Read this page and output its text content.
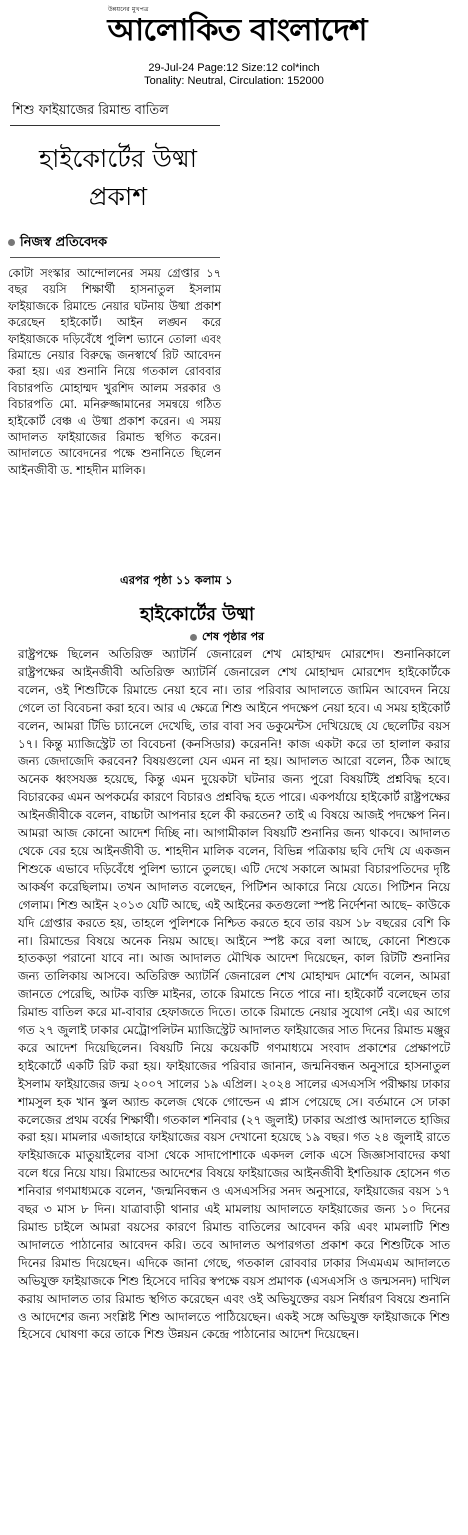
উন্নয়নের মুখপত্র
আলোকিত বাংলাদেশ
29-Jul-24 Page:12 Size:12 col*inch
Tonality: Neutral, Circulation: 152000
শিশু ফাইয়াজের রিমান্ড বাতিল
হাইকোর্টের উষ্মা প্রকাশ
নিজস্ব প্রতিবেদক
কোটা সংস্কার আন্দোলনের সময় গ্রেপ্তার ১৭ বছর বয়সি শিক্ষার্থী হাসনাতুল ইসলাম ফাইয়াজকে রিমান্ডে নেয়ার ঘটনায় উষ্মা প্রকাশ করেছেন হাইকোর্ট। আইন লঙ্ঘন করে ফাইয়াজকে দড়িবেঁধে পুলিশ ভ্যানে তোলা এবং রিমান্ডে নেয়ার বিরুদ্ধে জনস্বার্থে রিট আবেদন করা হয়। এর শুনানি নিয়ে গতকাল রোববার বিচারপতি মোহাম্মদ খুরশিদ আলম সরকার ও বিচারপতি মো. মনিরুজ্জামানের সমন্বয়ে গঠিত হাইকোর্ট বেঞ্চ এ উষ্মা প্রকাশ করেন। এ সময় আদালত ফাইয়াজের রিমান্ড স্থগিত করেন। আদালতে আবেদনের পক্ষে শুনানিতে ছিলেন আইনজীবী ড. শাহদীন মালিক।
এরপর পৃষ্ঠা ১১ কলাম ১
হাইকোর্টের উষ্মা
শেষ পৃষ্ঠার পর
রাষ্ট্রপক্ষে ছিলেন অতিরিক্ত অ্যাটর্নি জেনারেল শেখ মোহাম্মদ মোরশেদ। শুনানিকালে রাষ্ট্রপক্ষের আইনজীবী অতিরিক্ত অ্যাটর্নি জেনারেল শেখ মোহাম্মদ মোরশেদ হাইকোর্টকে বলেন, ওই শিশুটিকে রিমান্ডে নেয়া হবে না। তার পরিবার আদালতে জামিন আবেদন নিয়ে গেলে তা বিবেচনা করা হবে। আর এ ক্ষেত্রে শিশু আইনে পদক্ষেপ নেয়া হবে। এ সময় হাইকোর্ট বলেন, আমরা টিভি চ্যানেলে দেখেছি, তার বাবা সব ডকুমেন্টস দেখিয়েছে যে ছেলেটির বয়স ১৭। কিন্তু ম্যাজিস্ট্রেট তা বিবেচনা (কনসিডার) করেননি! কাজ একটা করে তা হালাল করার জন্য জেদাজেদি করবেন? বিষয়গুলো যেন এমন না হয়। আদালত আরো বলেন, ঠিক আছে অনেক ধ্বংসযজ্ঞ হয়েছে, কিন্তু এমন দুয়েকটা ঘটনার জন্য পুরো বিষয়টিই প্রশ্নবিদ্ধ হবে। বিচারকের এমন অপকর্মের কারণে বিচারও প্রশ্নবিদ্ধ হতে পারে। একপর্যায়ে হাইকোর্ট রাষ্ট্রপক্ষের আইনজীবীকে বলেন, বাচ্চাটা আপনার হলে কী করতেন? তাই এ বিষয়ে আজই পদক্ষেপ নিন। আমরা আজ কোনো আদেশ দিচ্ছি না। আগামীকাল বিষয়টি শুনানির জন্য থাকবে। আদালত থেকে বের হয়ে আইনজীবী ড. শাহদীন মালিক বলেন, বিভিন্ন পত্রিকায় ছবি দেখি যে একজন শিশুকে এভাবে দড়িবেঁধে পুলিশ ভ্যানে তুলছে। এটি দেখে সকালে আমরা বিচারপতিদের দৃষ্টি আকর্ষণ করেছিলাম। তখন আদালত বলেছেন, পিটিশন আকারে নিয়ে যেতে। পিটিশন নিয়ে গেলাম। শিশু আইন ২০১৩ যেটি আছে, এই আইনের কতগুলো স্পষ্ট নির্দেশনা আছে– কাউকে যদি গ্রেপ্তার করতে হয়, তাহলে পুলিশকে নিশ্চিত করতে হবে তার বয়স ১৮ বছরের বেশি কি না। রিমান্ডের বিষয়ে অনেক নিয়ম আছে। আইনে স্পষ্ট করে বলা আছে, কোনো শিশুকে হাতকড়া পরানো যাবে না। আজ আদালত মৌখিক আদেশ দিয়েছেন, কাল রিটটি শুনানির জন্য তালিকায় আসবে। অতিরিক্ত অ্যাটর্নি জেনারেল শেখ মোহাম্মদ মোর্শেদ বলেন, আমরা জানতে পেরেছি, আটক ব্যক্তি মাইনর, তাকে রিমান্ডে নিতে পারে না। হাইকোর্ট বলেছেন তার রিমান্ড বাতিল করে মা-বাবার হেফাজতে দিতে। তাকে রিমান্ডে নেয়ার সুযোগ নেই। এর আগে গত ২৭ জুলাই ঢাকার মেট্রোপলিটন ম্যাজিস্ট্রেট আদালত ফাইয়াজের সাত দিনের রিমান্ড মঞ্জুর করে আদেশ দিয়েছিলেন। বিষয়টি নিয়ে কয়েকটি গণমাধ্যমে সংবাদ প্রকাশের প্রেক্ষাপটে হাইকোর্টে একটি রিট করা হয়। ফাইয়াজের পরিবার জানান, জন্মনিবন্ধন অনুসারে হাসনাতুল ইসলাম ফাইয়াজের জন্ম ২০০৭ সালের ১৯ এপ্রিল। ২০২৪ সালের এসএসসি পরীক্ষায় ঢাকার শামসুল হক খান স্কুল অ্যান্ড কলেজ থেকে গোল্ডেন এ প্লাস পেয়েছে সে। বর্তমানে সে ঢাকা কলেজের প্রথম বর্ষের শিক্ষার্থী। গতকাল শনিবার (২৭ জুলাই) ঢাকার অপ্রাপ্ত আদালতে হাজির করা হয়। মামলার এজাহারে ফাইয়াজের বয়স দেখানো হয়েছে ১৯ বছর। গত ২৪ জুলাই রাতে ফাইয়াজকে মাতুয়াইলের বাসা থেকে সাদাপোশাকে একদল লোক এসে জিজ্ঞাসাবাদের কথা বলে ধরে নিয়ে যায়। রিমান্ডের আদেশের বিষয়ে ফাইয়াজের আইনজীবী ইশতিয়াক হোসেন গত শনিবার গণমাধ্যমকে বলেন, 'জন্মনিবন্ধন ও এসএসসির সনদ অনুসারে, ফাইয়াজের বয়স ১৭ বছর ৩ মাস ৮ দিন। যাত্রাবাড়ী থানার এই মামলায় আদালতে ফাইয়াজের জন্য ১০ দিনের রিমান্ড চাইলে আমরা বয়সের কারণে রিমান্ড বাতিলের আবেদন করি এবং মামলাটি শিশু আদালতে পাঠানোর আবেদন করি। তবে আদালত অপারগতা প্রকাশ করে শিশুটিকে সাত দিনের রিমান্ড দিয়েছেন। এদিকে জানা গেছে, গতকাল রোববার ঢাকার সিএমএম আদালতে অভিযুক্ত ফাইয়াজকে শিশু হিসেবে দাবির স্বপক্ষে বয়স প্রমাণক (এসএসসি ও জন্মসনদ) দাখিল করায় আদালত তার রিমান্ড স্থগিত করেছেন এবং ওই অভিযুক্তের বয়স নির্ধারণ বিষয়ে শুনানি ও আদেশের জন্য সংশ্লিষ্ট শিশু আদালতে পাঠিয়েছেন। একই সঙ্গে অভিযুক্ত ফাইয়াজকে শিশু হিসেবে ঘোষণা করে তাকে শিশু উন্নয়ন কেন্দ্রে পাঠানোর আদেশ দিয়েছেন।
